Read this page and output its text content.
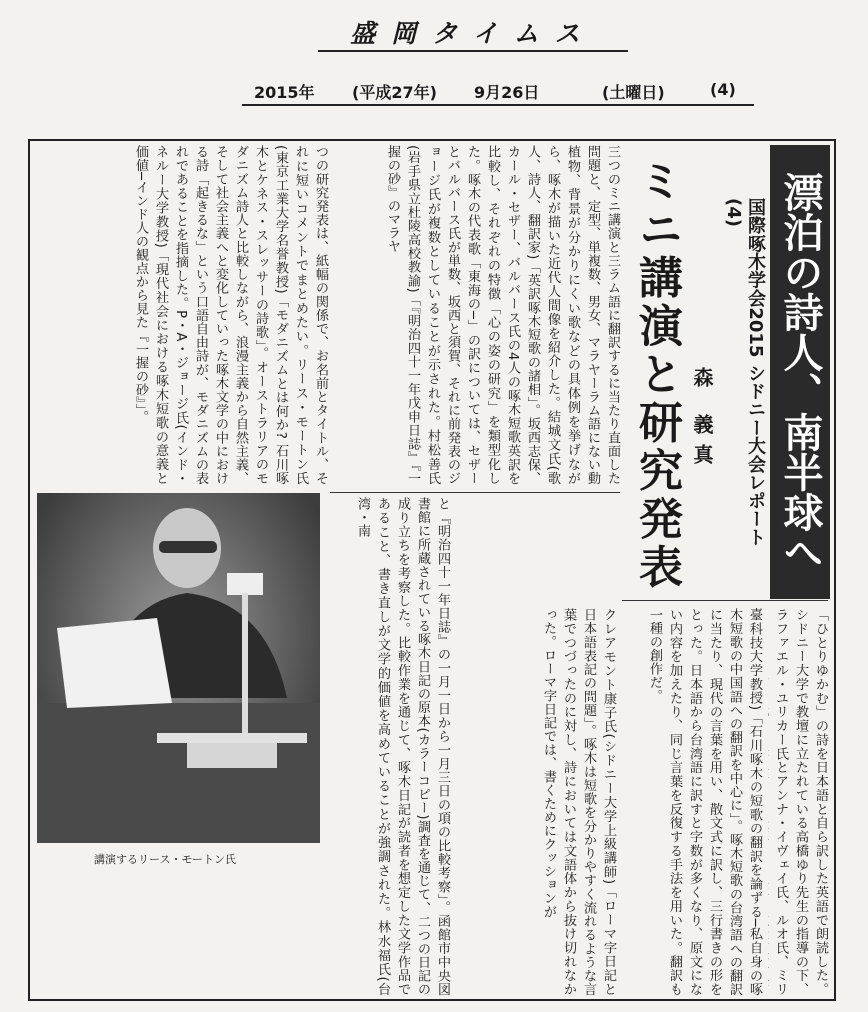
盛岡タイムス
2015年 (平成27年) 9月26日	(土曜日)	(4)
漂泊の詩人、南半球へ
国際啄木学会2015 シドニー大会レポート(4)
森 義真
ミニ講演と研究発表
臺科技大学教授)「石川啄木の短歌の翻訳を論ずる─私自身の啄木短歌の中国語への翻訳を中心に」。啄木短歌の台湾語への翻訳に当たり、現代の言葉を用い、散文式に訳し、三行書きの形をとった。日本語から台湾語に訳すと字数が多くなり、原文にない内容を加えたり、同じ言葉を反復する手法を用いた。翻訳も一種の創作だ。
クレアモント康子氏(シドニー大学上級講師)「ローマ字日記と日本語表記の問題」。啄木は短歌を分かりやすく流れるような言葉でつづったのに対し、詩においては文語体から抜け切れなかった。ローマ字日記では、書くためにクッションが	「ひとりゆかむ」の詩を日本語と自ら訳した英語で朗読した。シドニー大学で教壇に立たれている高橋ゆり先生の指導の下、ラファエル・ユリカー氏とアンナ・イヴェイ氏、ルオ氏、ミリ
つの研究発表は、紙幅の関係で、お名前とタイトル、それに短いコメントでまとめたい。リース・モートン氏(東京工業大学名誉教授)「モダニズムとは何か? 石川啄木とケネス・スレッサーの詩歌」。オーストラリアのモダニズム詩人と比較しながら、浪漫主義から自然主義、そして社会主義へと変化していった啄木文学の中における詩「起きるな」という口語自由詩が、モダニズムの表れであることを指摘した。P・A・ジョージ氏(インド・ネルー大学教授)「現代社会における啄木短歌の意義と価値─インド人の観点から見た『一握の砂』」。	三つのミニ講演と三ラム語に翻訳するに当たり直面した問題と、定型、単複数、男女、マラヤーラム語にない動植物、背景が分かりにくい歌などの具体例を挙げながら、啄木が描いた近代人間像を紹介した。結城文氏(歌人、詩人、翻訳家)「英訳啄木短歌の諸相」。坂西志保、カール・セザー、バルバース氏の4人の啄木短歌英訳を比較し、それぞれの特徴「心の姿の研究」を類型化した。啄木の代表歌「東海の─」の訳については、セザーとバルバース氏が単数、坂西と須賀、それに前発表のジョージ氏が複数としていることが示された。村松善氏(岩手県立杜陵高校教諭)「『明治四十一年戊申日誌』『一握の砂』のマラヤ
と『明治四十一年日誌』の一月一日から一月三日の項の比較考察」。函館市中央図書館に所蔵されている啄木日記の原本(カラーコピー)調査を通じて、二つの日記の成り立ちを考察した。比較作業を通じて、啄木日記が読者を想定した文学作品であること、書き直しが文学的価値を高めていることが強調された。林水福氏(台湾・南
講演するリース・モートン氏
